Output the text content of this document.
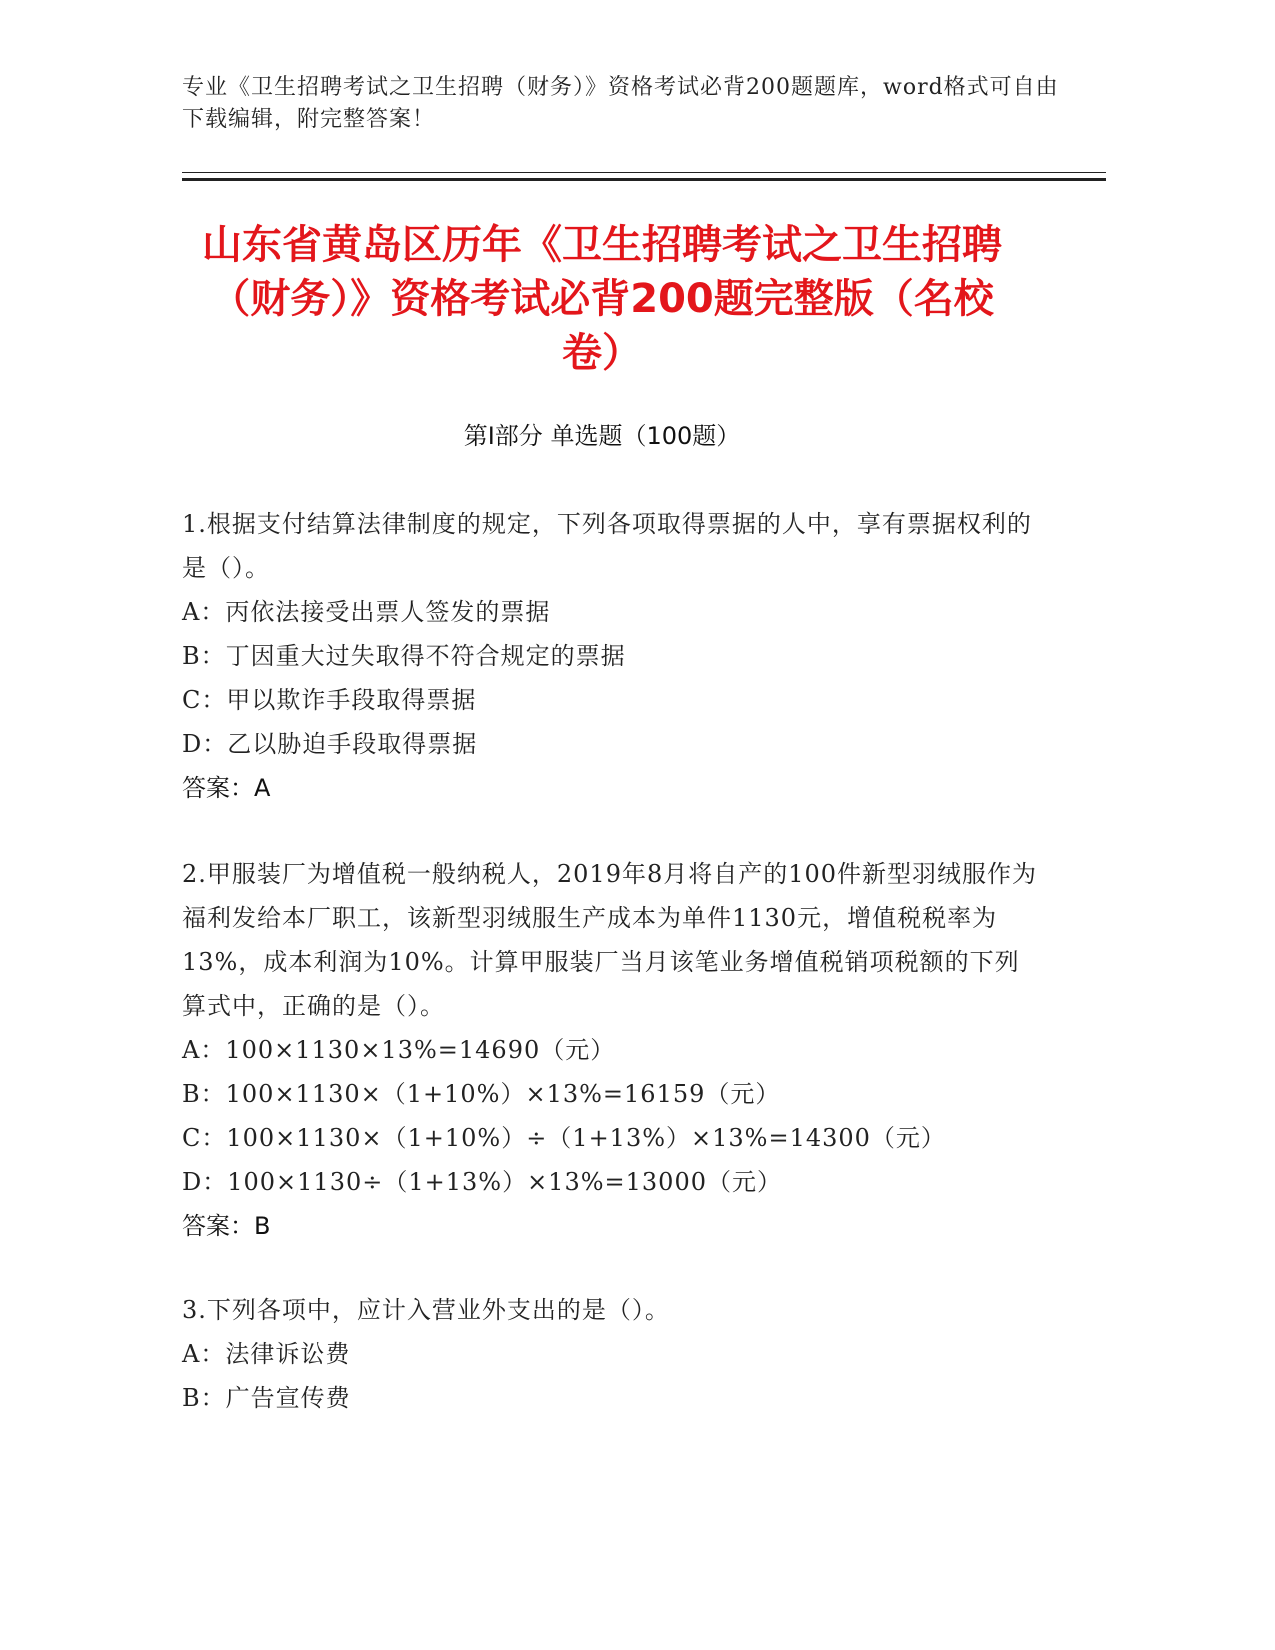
专业《卫生招聘考试之卫生招聘（财务）》资格考试必背200题题库，word格式可自由下载编辑，附完整答案！
山东省黄岛区历年《卫生招聘考试之卫生招聘（财务）》资格考试必背200题完整版（名校卷）
第Ⅰ部分 单选题（100题）

1.根据支付结算法律制度的规定，下列各项取得票据的人中，享有票据权利的是（）。

A：丙依法接受出票人签发的票据

B：丁因重大过失取得不符合规定的票据

C：甲以欺诈手段取得票据

D：乙以胁迫手段取得票据

答案：A

2.甲服装厂为增值税一般纳税人，2019年8月将自产的100件新型羽绒服作为福利发给本厂职工，该新型羽绒服生产成本为单件1130元，增值税税率为13%，成本利润为10%。计算甲服装厂当月该笔业务增值税销项税额的下列算式中，正确的是（）。

A：100×1130×13%=14690（元）

B：100×1130×（1+10%）×13%=16159（元）

C：100×1130×（1+10%）÷（1+13%）×13%=14300（元）

D：100×1130÷（1+13%）×13%=13000（元）

答案：B

3.下列各项中，应计入营业外支出的是（）。

A：法律诉讼费

B：广告宣传费
